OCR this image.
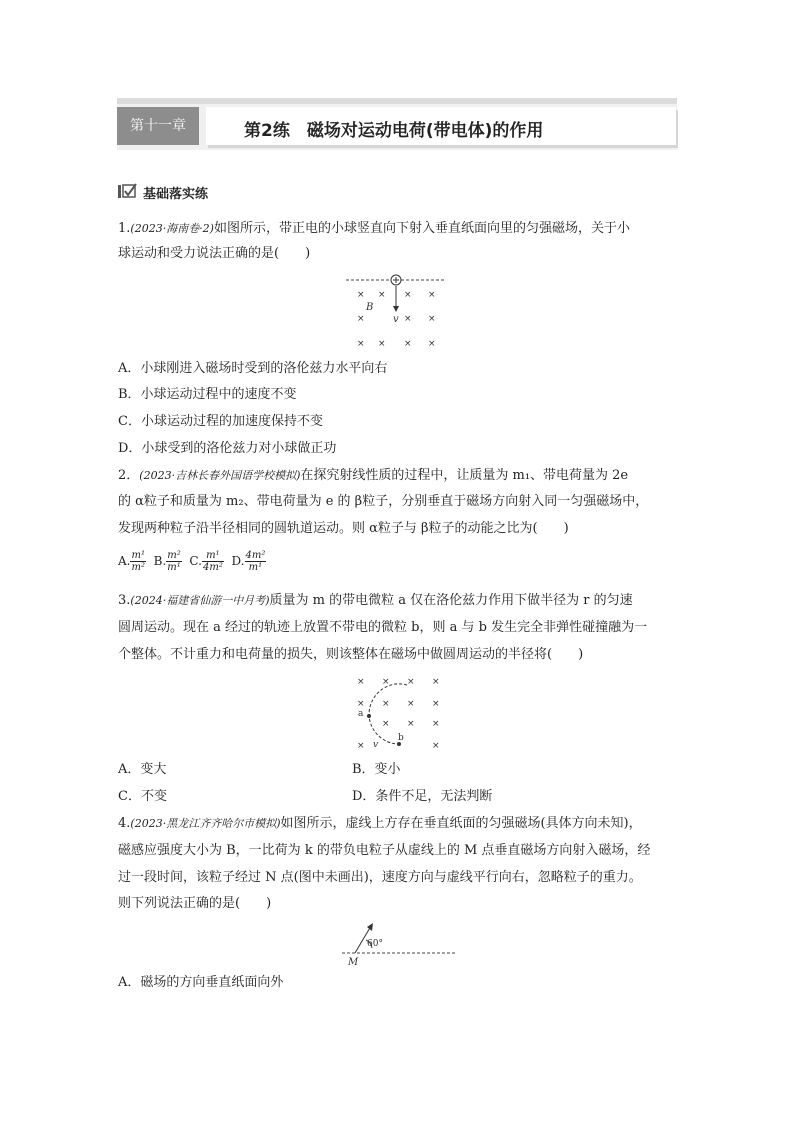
第十一章	第2练　磁场对运动电荷(带电体)的作用
基础落实练
1.(2023·海南卷·2)如图所示，带正电的小球竖直向下射入垂直纸面向里的匀强磁场，关于小
球运动和受力说法正确的是(　　)
× × × ×
×	× ×
× × × ×
B
v
A．小球刚进入磁场时受到的洛伦兹力水平向右
B．小球运动过程中的速度不变
C．小球运动过程的加速度保持不变
D．小球受到的洛伦兹力对小球做正功
2．(2023·吉林长春外国语学校模拟)在探究射线性质的过程中，让质量为 m₁、带电荷量为 2e
的 α粒子和质量为 m₂、带电荷量为 e 的 β粒子，分别垂直于磁场方向射入同一匀强磁场中，
发现两种粒子沿半径相同的圆轨道运动。则 α粒子与 β粒子的动能之比为(　　)
A. $\frac{\text{m¹}}{\text{m²}} B$. $\frac{\text{m²}}{\text{m¹}} C$. $\frac{\text{m¹}}{\text{4m²}} D$. $\frac{\text{4m²}}{\text{m¹}}$
3.(2024·福建省仙游一中月考)质量为 m 的带电微粒 a 仅在洛伦兹力作用下做半径为 r 的匀速
圆周运动。现在 a 经过的轨迹上放置不带电的微粒 b，则 a 与 b 发生完全非弹性碰撞融为一
个整体。不计重力和电荷量的损失，则该整体在磁场中做圆周运动的半径将(　　)
× × × ×
× × × ×
× × ×
×	×
a
b
v
A．变大	B．变小
C．不变	D．条件不足，无法判断
4.(2023·黑龙江齐齐哈尔市模拟)如图所示，虚线上方存在垂直纸面的匀强磁场(具体方向未知)，
磁感应强度大小为 B，一比荷为 k 的带负电粒子从虚线上的 M 点垂直磁场方向射入磁场，经
过一段时间，该粒子经过 N 点(图中未画出)，速度方向与虚线平行向右，忽略粒子的重力。
则下列说法正确的是(　　)
60°
M
A．磁场的方向垂直纸面向外
